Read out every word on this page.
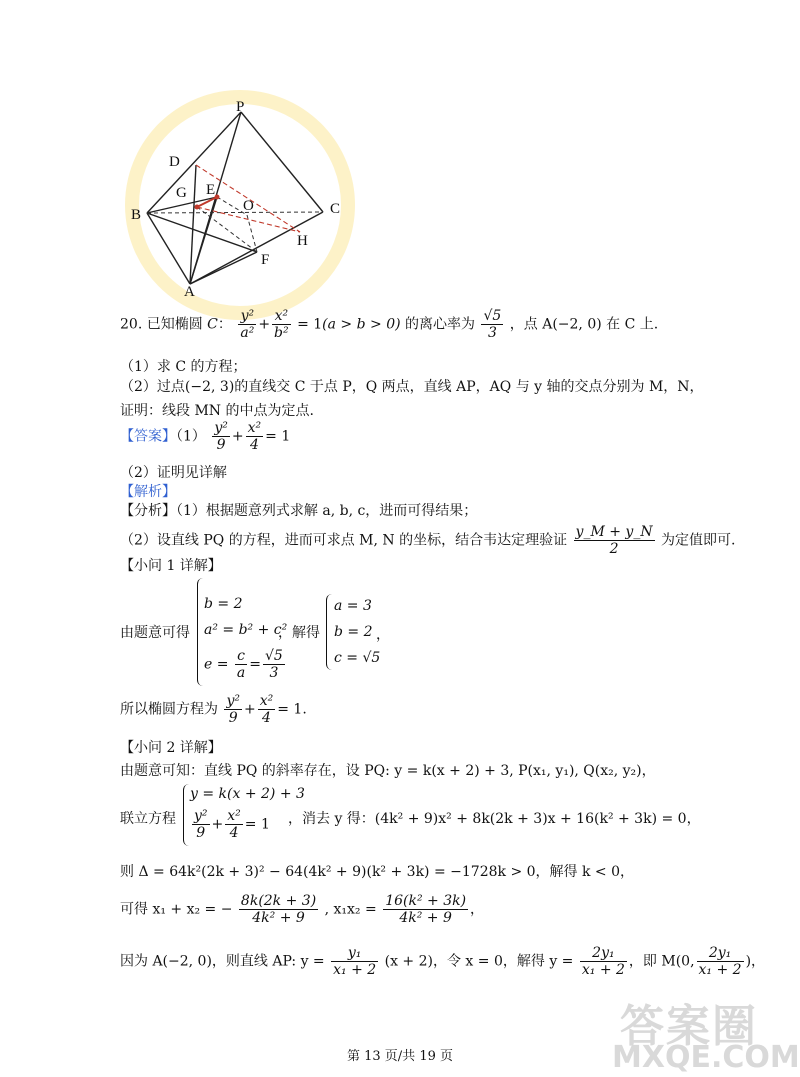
P
D
G E
O
B	C
H
F
A
20. 已知椭圆 C： $\frac{\text{y²}}{\text{a²}} + \frac{\text{x²}}{\text{b²}} = 1(a > b > 0)$ 的离心率为 $\frac{√5}{3}$ ，点 A(−2, 0) 在 C 上.
（1）求 C 的方程；
（2）过点(−2, 3)的直线交 C 于点 P，Q 两点，直线 AP，AQ 与 y 轴的交点分别为 M，N，
证明：线段 MN 的中点为定点.
【答案】$(1) \frac{\text{y²}}{9} + \frac{\text{x²}}{4} = 1$
（2）证明见详解
【解析】
【分析】（1）根据题意列式求解 a, b, c，进而可得结果；
（2）设直线 PQ 的方程，进而可求点 M, N 的坐标，结合韦达定理验证 $\frac{y\_M + y\_N}{2}$ 为定值即可.
【小问 1 详解】
由题意可得
b = 2
a² = b² + c²
$e = \frac{c}{a} = \frac{√5}{3}$
，解得
a = 3
b = 2
c = √5
，
所以椭圆方程为 $\frac{\text{y²}}{9} + \frac{\text{x²}}{4} = 1$.
【小问 2 详解】
由题意可知：直线 PQ 的斜率存在，设 PQ: y = k(x + 2) + 3, P(x₁, y₁), Q(x₂, y₂)，
联立方程
y = k(x + 2) + 3
$\frac{\text{y²}}{9} + \frac{\text{x²}}{4} = 1$ ，消去 y 得：(4k² + 9)x² + 8k(2k + 3)x + 16(k² + 3k) = 0，
则 Δ = 64k²(2k + 3)² − 64(4k² + 9)(k² + 3k) = −1728k > 0，解得 k < 0，
可得 x₁ + x₂ = − $\frac{8k(2k + 3)}{\text{4k² + 9}}$ , $x_1x_2 = \frac{\text{16(k² + 3k)}}{\text{4k² + 9}}$ ，
因为 A(−2, 0)，则直线 AP: $y = \frac{\text{y₁}}{\text{x₁ + 2}} (x + 2)$，令 x = 0，解得 $y = \frac{\text{2y₁}}{\text{x₁ + 2}}$ ，即 M(0, $\frac{\text{2y₁}}{\text{x₁ + 2}}$ )，
答案圈
MXQE.COM
第 13 页/共 19 页
